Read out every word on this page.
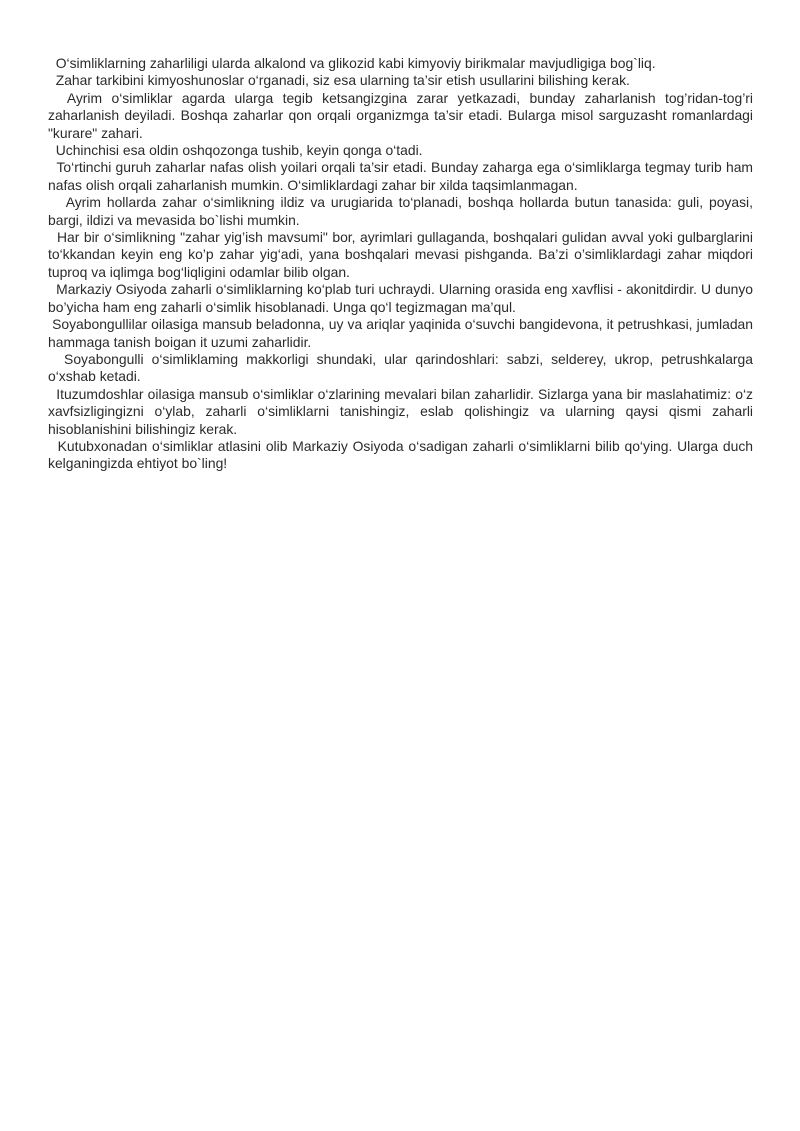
O‘simliklarning zaharliligi ularda alkalond va glikozid kabi kimyoviy birikmalar mavjudligiga bog`liq.

Zahar tarkibini kimyoshunoslar o‘rganadi, siz esa ularning ta’sir etish usullarini bilishing kerak.

Ayrim o‘simliklar agarda ularga tegib ketsangizgina zarar yetkazadi, bunday zaharlanish tog’ridan-tog’ri zaharlanish deyiladi. Boshqa zaharlar qon orqali organizmga ta’sir etadi. Bularga misol sarguzasht romanlardagi "kurare" zahari.

Uchinchisi esa oldin oshqozonga tushib, keyin qonga o‘tadi.

To‘rtinchi guruh zaharlar nafas olish yoilari orqali ta’sir etadi. Bunday zaharga ega o‘simliklarga tegmay turib ham nafas olish orqali zaharlanish mumkin. O‘simliklardagi zahar bir xilda taqsimlanmagan.

Ayrim hollarda zahar o‘simlikning ildiz va urugiarida to‘planadi, boshqa hollarda butun tanasida: guli, poyasi, bargi, ildizi va mevasida bo`lishi mumkin.

Har bir o‘simlikning "zahar yig’ish mavsumi" bor, ayrimlari gullaganda, boshqalari gulidan avval yoki gulbarglarini to‘kkandan keyin eng ko’p zahar yig‘adi, yana boshqalari mevasi pishganda. Ba’zi o’simliklardagi zahar miqdori tuproq va iqlimga bog‘liqligini odamlar bilib olgan.

Markaziy Osiyoda zaharli o‘simliklarning ko‘plab turi uchraydi. Ularning orasida eng xavflisi - akonitdirdir. U dunyo bo’yicha ham eng zaharli o‘simlik hisoblanadi. Unga qo‘l tegizmagan ma’qul.

Soyabongullilar oilasiga mansub beladonna, uy va ariqlar yaqinida o‘suvchi bangidevona, it petrushkasi, jumladan hammaga tanish boigan it uzumi zaharlidir.

Soyabongulli o‘simliklaming makkorligi shundaki, ular qarindoshlari: sabzi, selderey, ukrop, petrushkalarga o‘xshab ketadi.

Ituzumdoshlar oilasiga mansub o‘simliklar o‘zlarining mevalari bilan zaharlidir. Sizlarga yana bir maslahatimiz: o‘z xavfsizligingizni o‘ylab, zaharli o‘simliklarni tanishingiz, eslab qolishingiz va ularning qaysi qismi zaharli hisoblanishini bilishingiz kerak.

Kutubxonadan o‘simliklar atlasini olib Markaziy Osiyoda o‘sadigan zaharli o‘simliklarni bilib qo‘ying. Ularga duch kelganingizda ehtiyot bo`ling!
